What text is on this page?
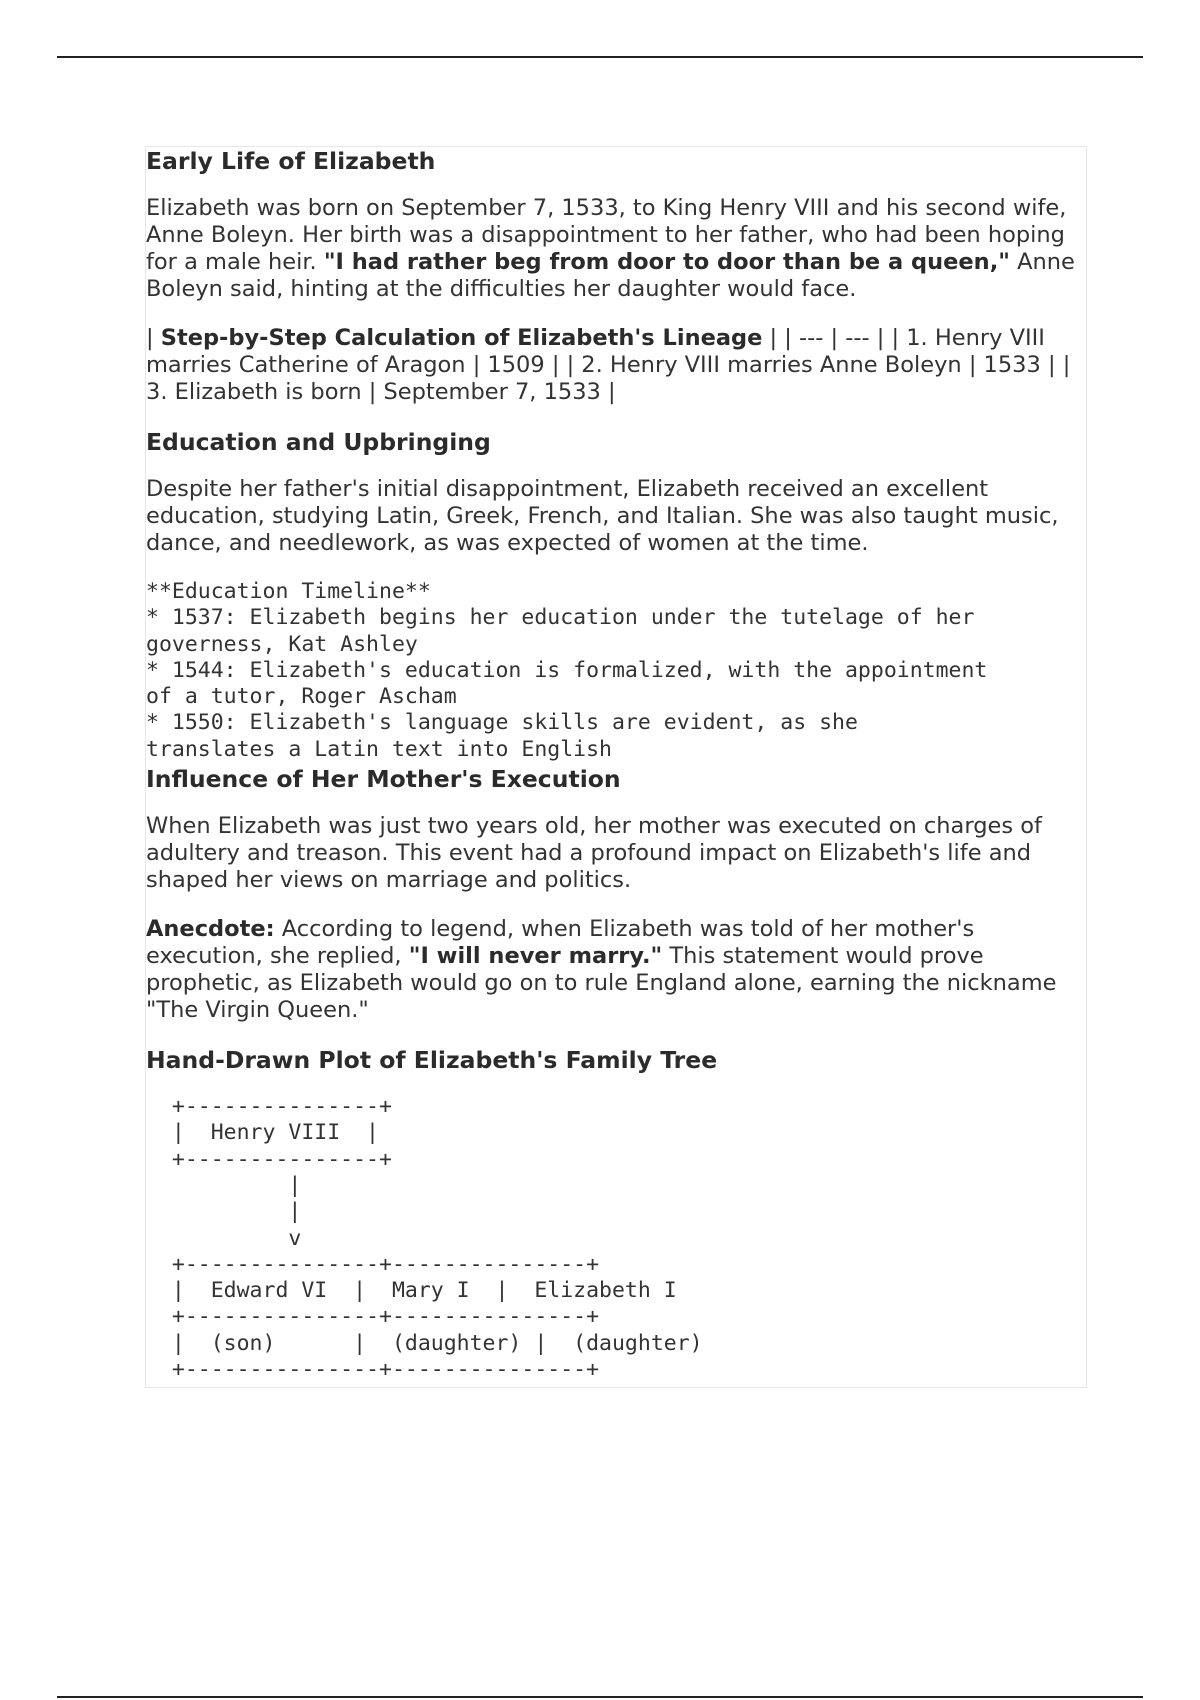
Early Life of Elizabeth

Elizabeth was born on September 7, 1533, to King Henry VIII and his second wife, Anne Boleyn. Her birth was a disappointment to her father, who had been hoping for a male heir. "I had rather beg from door to door than be a queen," Anne Boleyn said, hinting at the difficulties her daughter would face.

| Step-by-Step Calculation of Elizabeth's Lineage | | --- | --- | | 1. Henry VIII marries Catherine of Aragon | 1509 | | 2. Henry VIII marries Anne Boleyn | 1533 | | 3. Elizabeth is born | September 7, 1533 |

Education and Upbringing

Despite her father's initial disappointment, Elizabeth received an excellent education, studying Latin, Greek, French, and Italian. She was also taught music, dance, and needlework, as was expected of women at the time.

**Education Timeline**
* 1537: Elizabeth begins her education under the tutelage of her
governess, Kat Ashley
* 1544: Elizabeth's education is formalized, with the appointment
of a tutor, Roger Ascham
* 1550: Elizabeth's language skills are evident, as she
translates a Latin text into English
Influence of Her Mother's Execution

When Elizabeth was just two years old, her mother was executed on charges of adultery and treason. This event had a profound impact on Elizabeth's life and shaped her views on marriage and politics.

Anecdote: According to legend, when Elizabeth was told of her mother's execution, she replied, "I will never marry." This statement would prove prophetic, as Elizabeth would go on to rule England alone, earning the nickname "The Virgin Queen."

Hand-Drawn Plot of Elizabeth's Family Tree
+---------------+
|  Henry VIII  |
+---------------+
|
|
v
+---------------+---------------+
|  Edward VI  |  Mary I  |  Elizabeth I
+---------------+---------------+
|  (son)      |  (daughter) |  (daughter)
+---------------+---------------+
